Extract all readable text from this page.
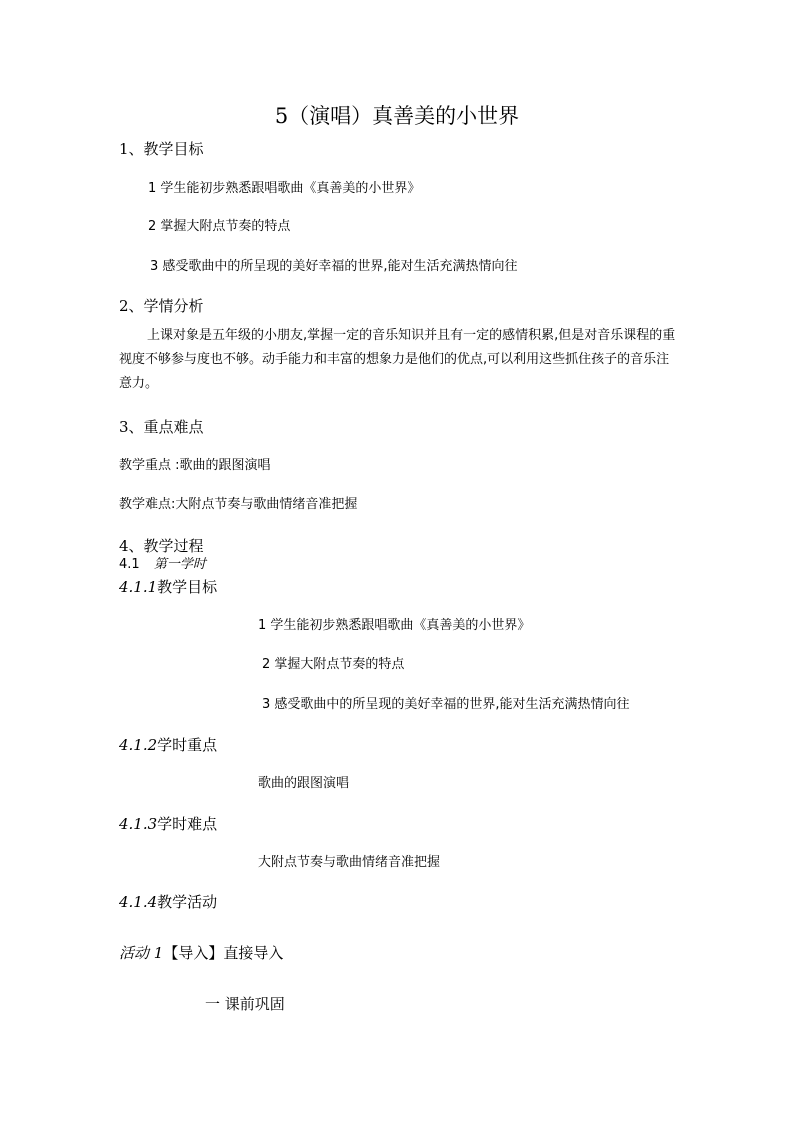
5（演唱）真善美的小世界
1、教学目标
1 学生能初步熟悉跟唱歌曲《真善美的小世界》
2 掌握大附点节奏的特点
3 感受歌曲中的所呈现的美好幸福的世界,能对生活充满热情向往
2、学情分析
上课对象是五年级的小朋友,掌握一定的音乐知识并且有一定的感情积累,但是对音乐课程的重视度不够参与度也不够。动手能力和丰富的想象力是他们的优点,可以利用这些抓住孩子的音乐注意力。
3、重点难点
教学重点 :歌曲的跟图演唱
教学难点:大附点节奏与歌曲情绪音准把握
4、教学过程
4.1 第一学时
4.1.1教学目标
1 学生能初步熟悉跟唱歌曲《真善美的小世界》
2 掌握大附点节奏的特点
3 感受歌曲中的所呈现的美好幸福的世界,能对生活充满热情向往
4.1.2学时重点
歌曲的跟图演唱
4.1.3学时难点
大附点节奏与歌曲情绪音准把握
4.1.4教学活动
活动 1【导入】直接导入
一 课前巩固
